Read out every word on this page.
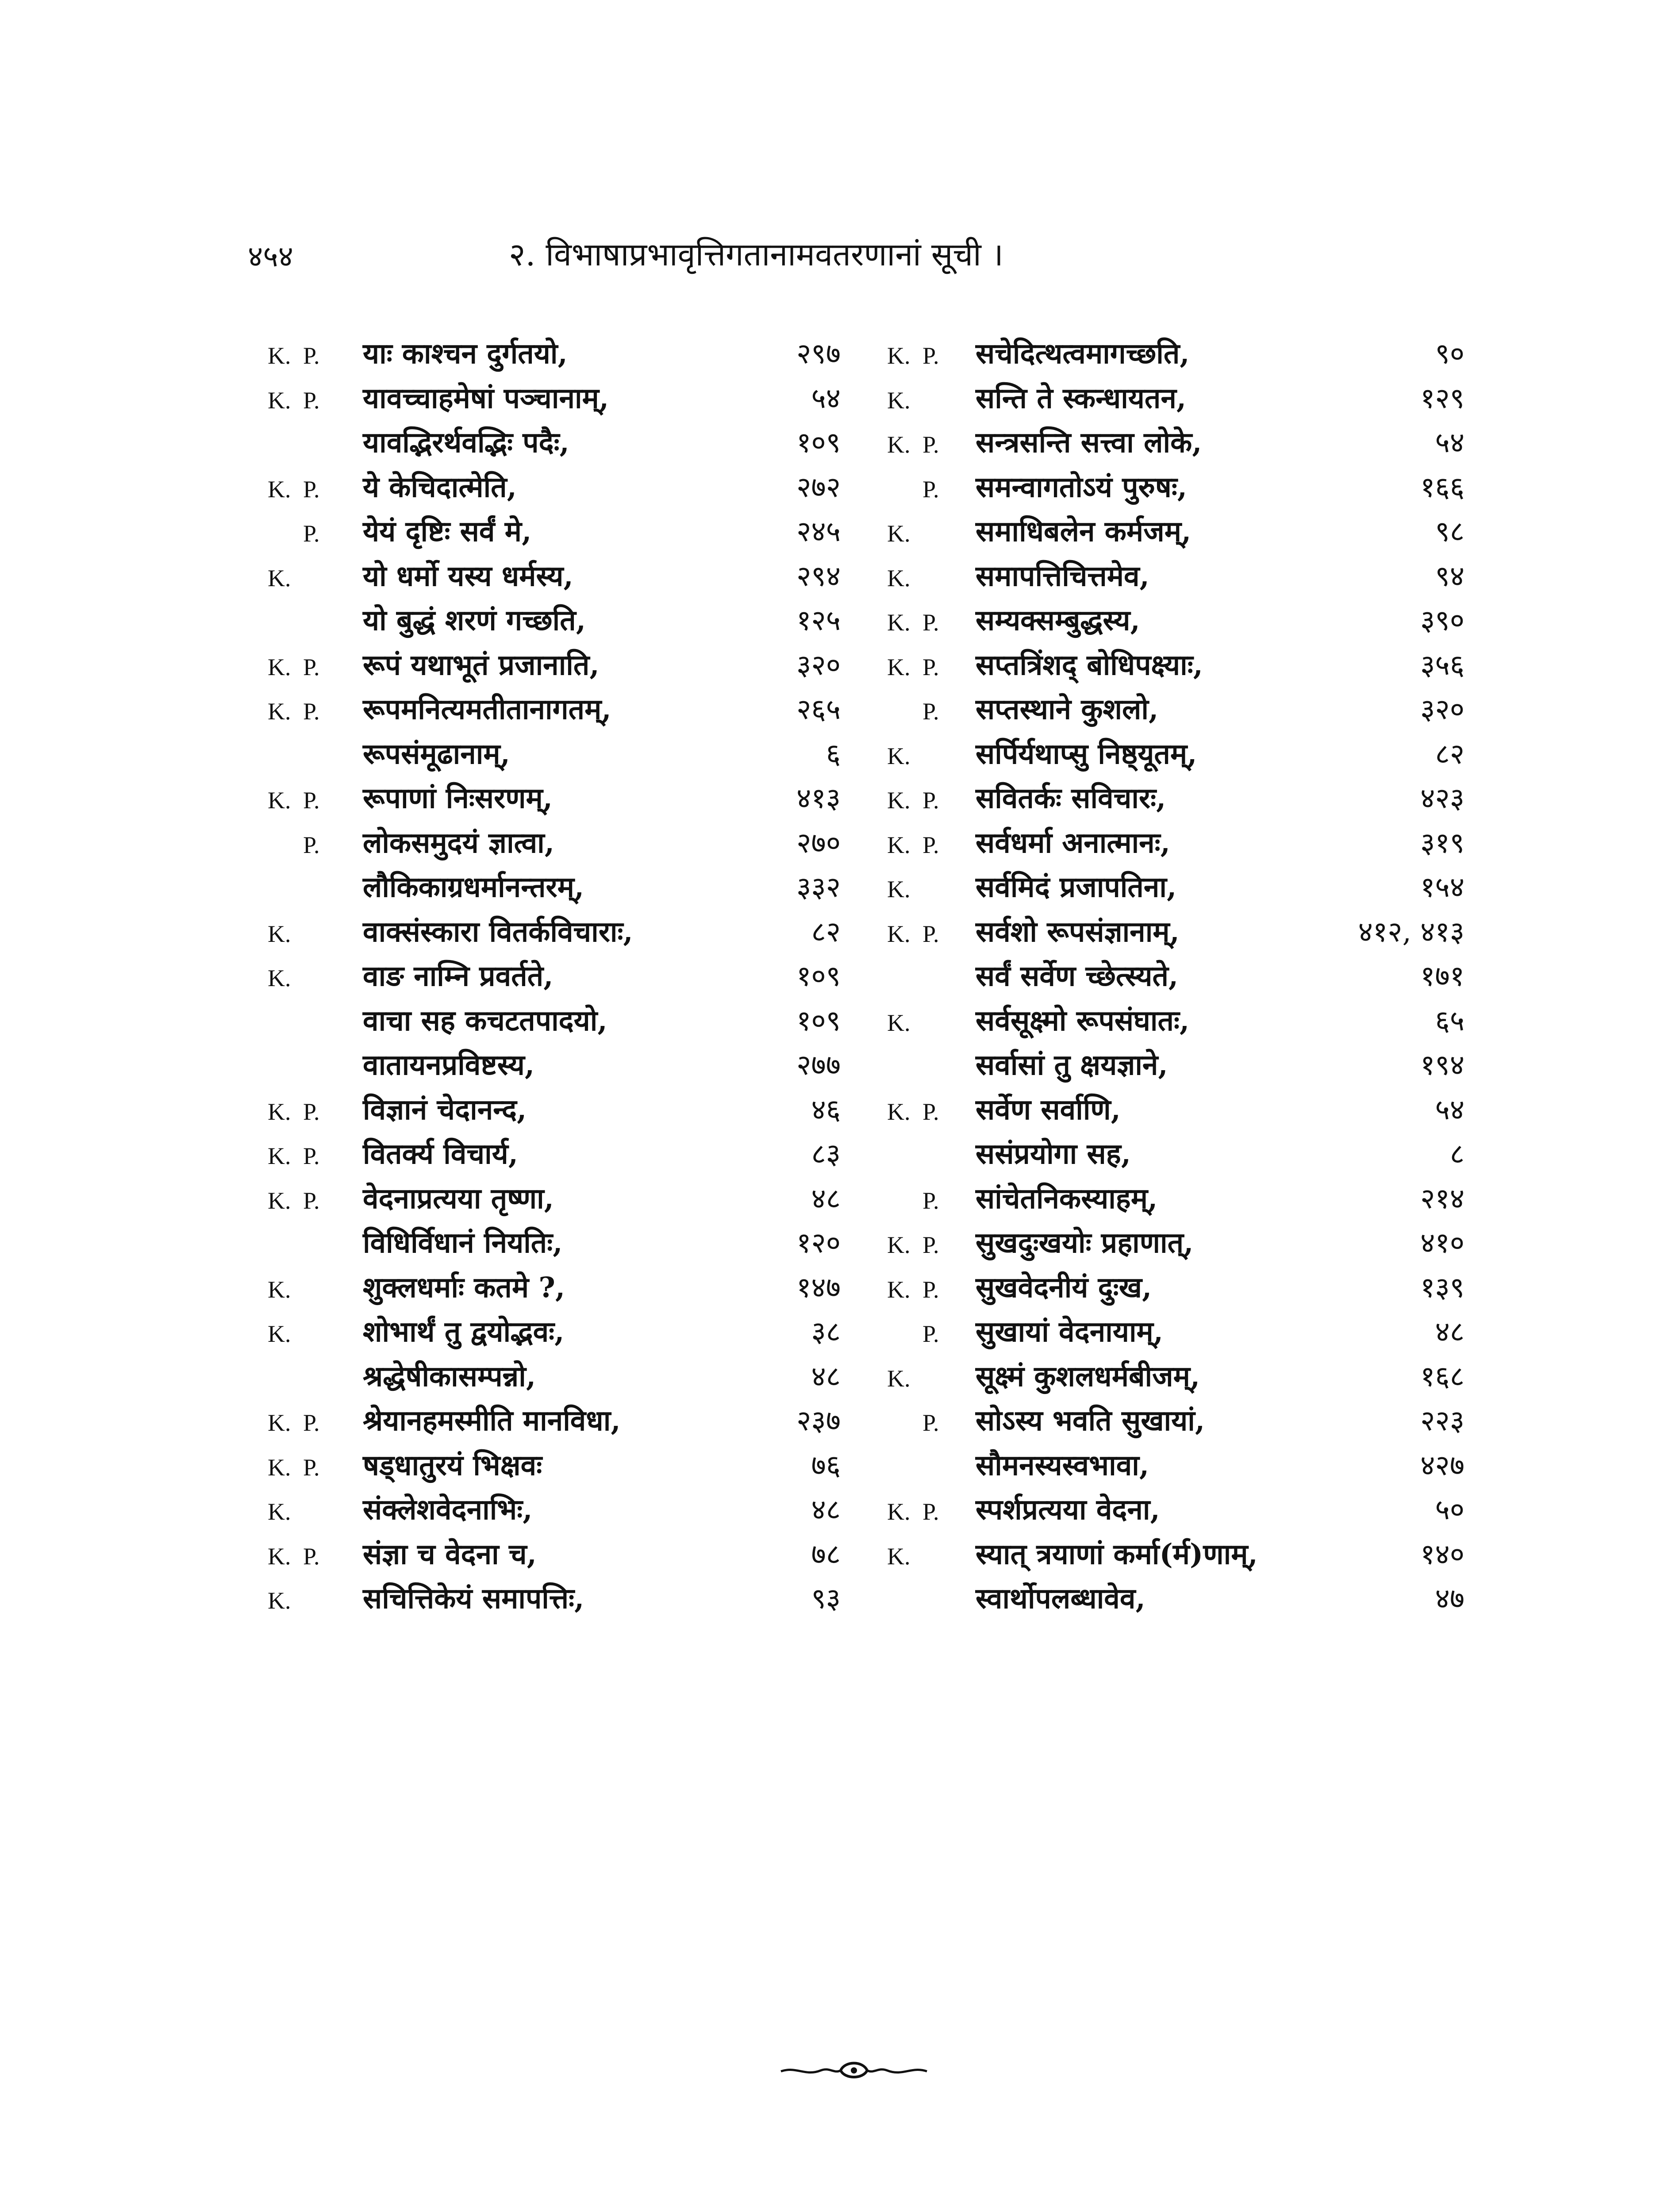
४५४	२. विभाषाप्रभावृत्तिगतानामवतरणानां सूची ।
K. P. याः काश्चन दुर्गतयो,	२९७
K. P. यावच्चाहमेषां पञ्चानाम्,	५४
यावद्भिरर्थवद्भिः पदैः,	१०९
K. P. ये केचिदात्मेति,	२७२
P. येयं दृष्टिः सर्वं मे,	२४५
K.	यो धर्मो यस्य धर्मस्य,	२९४
यो बुद्धं शरणं गच्छति,	१२५
K. P. रूपं यथाभूतं प्रजानाति,	३२०
K. P. रूपमनित्यमतीतानागतम्,	२६५
रूपसंमूढानाम्,	६
K. P. रूपाणां निःसरणम्,	४१३
P. लोकसमुदयं ज्ञात्वा,	२७०
लौकिकाग्रधर्मानन्तरम्,	३३२
K.	वाक्संस्कारा वितर्कविचाराः,	८२
K.	वाङ नाम्नि प्रवर्तते,	१०९
वाचा सह कचटतपादयो,	१०९
वातायनप्रविष्टस्य,	२७७
K. P. विज्ञानं चेदानन्द,	४६
K. P. वितर्क्य विचार्य,	८३
K. P. वेदनाप्रत्यया तृष्णा,	४८
विधिर्विधानं नियतिः,	१२०
K.	शुक्लधर्माः कतमे ?,	१४७
K.	शोभार्थं तु द्वयोद्भवः,	३८
श्रद्धेषीकासम्पन्नो,	४८
K. P. श्रेयानहमस्मीति मानविधा,	२३७
K. P. षड्धातुरयं भिक्षवः	७६
K.	संक्लेशवेदनाभिः,	४८
K. P. संज्ञा च वेदना च,	७८
K.	सचित्तिकेयं समापत्तिः,	९३
K. P. सचेदित्थत्वमागच्छति,	९०
K. सन्ति ते स्कन्धायतन,	१२९
K. P. सन्त्रसन्ति सत्त्वा लोके,	५४
P. समन्वागतोऽयं पुरुषः,	१६६
K. समाधिबलेन कर्मजम्,	९८
K. समापत्तिचित्तमेव,	९४
K. P. सम्यक्सम्बुद्धस्य,	३९०
K. P. सप्तत्रिंशद् बोधिपक्ष्याः,	३५६
P. सप्तस्थाने कुशलो,	३२०
K. सर्पिर्यथाप्सु निष्ठ्यूतम्,	८२
K. P. सवितर्कः सविचारः,	४२३
K. P. सर्वधर्मा अनात्मानः,	३१९
K. सर्वमिदं प्रजापतिना,	१५४
K. P. सर्वशो रूपसंज्ञानाम्,	४१२, ४१३
सर्वं सर्वेण च्छेत्स्यते,	१७१
K. सर्वसूक्ष्मो रूपसंघातः,	६५
सर्वासां तु क्षयज्ञाने,	१९४
K. P. सर्वेण सर्वाणि,	५४
ससंप्रयोगा सह,	८
P. सांचेतनिकस्याहम्,	२१४
K. P. सुखदुःखयोः प्रहाणात्,	४१०
K. P. सुखवेदनीयं दुःख,	१३९
P. सुखायां वेदनायाम्,	४८
K. सूक्ष्मं कुशलधर्मबीजम्,	१६८
P. सोऽस्य भवति सुखायां,	२२३
सौमनस्यस्वभावा,	४२७
K. P. स्पर्शप्रत्यया वेदना,	५०
K. स्यात् त्रयाणां कर्मा(र्म)णाम्,	१४०
स्वार्थोपलब्धावेव,	४७
